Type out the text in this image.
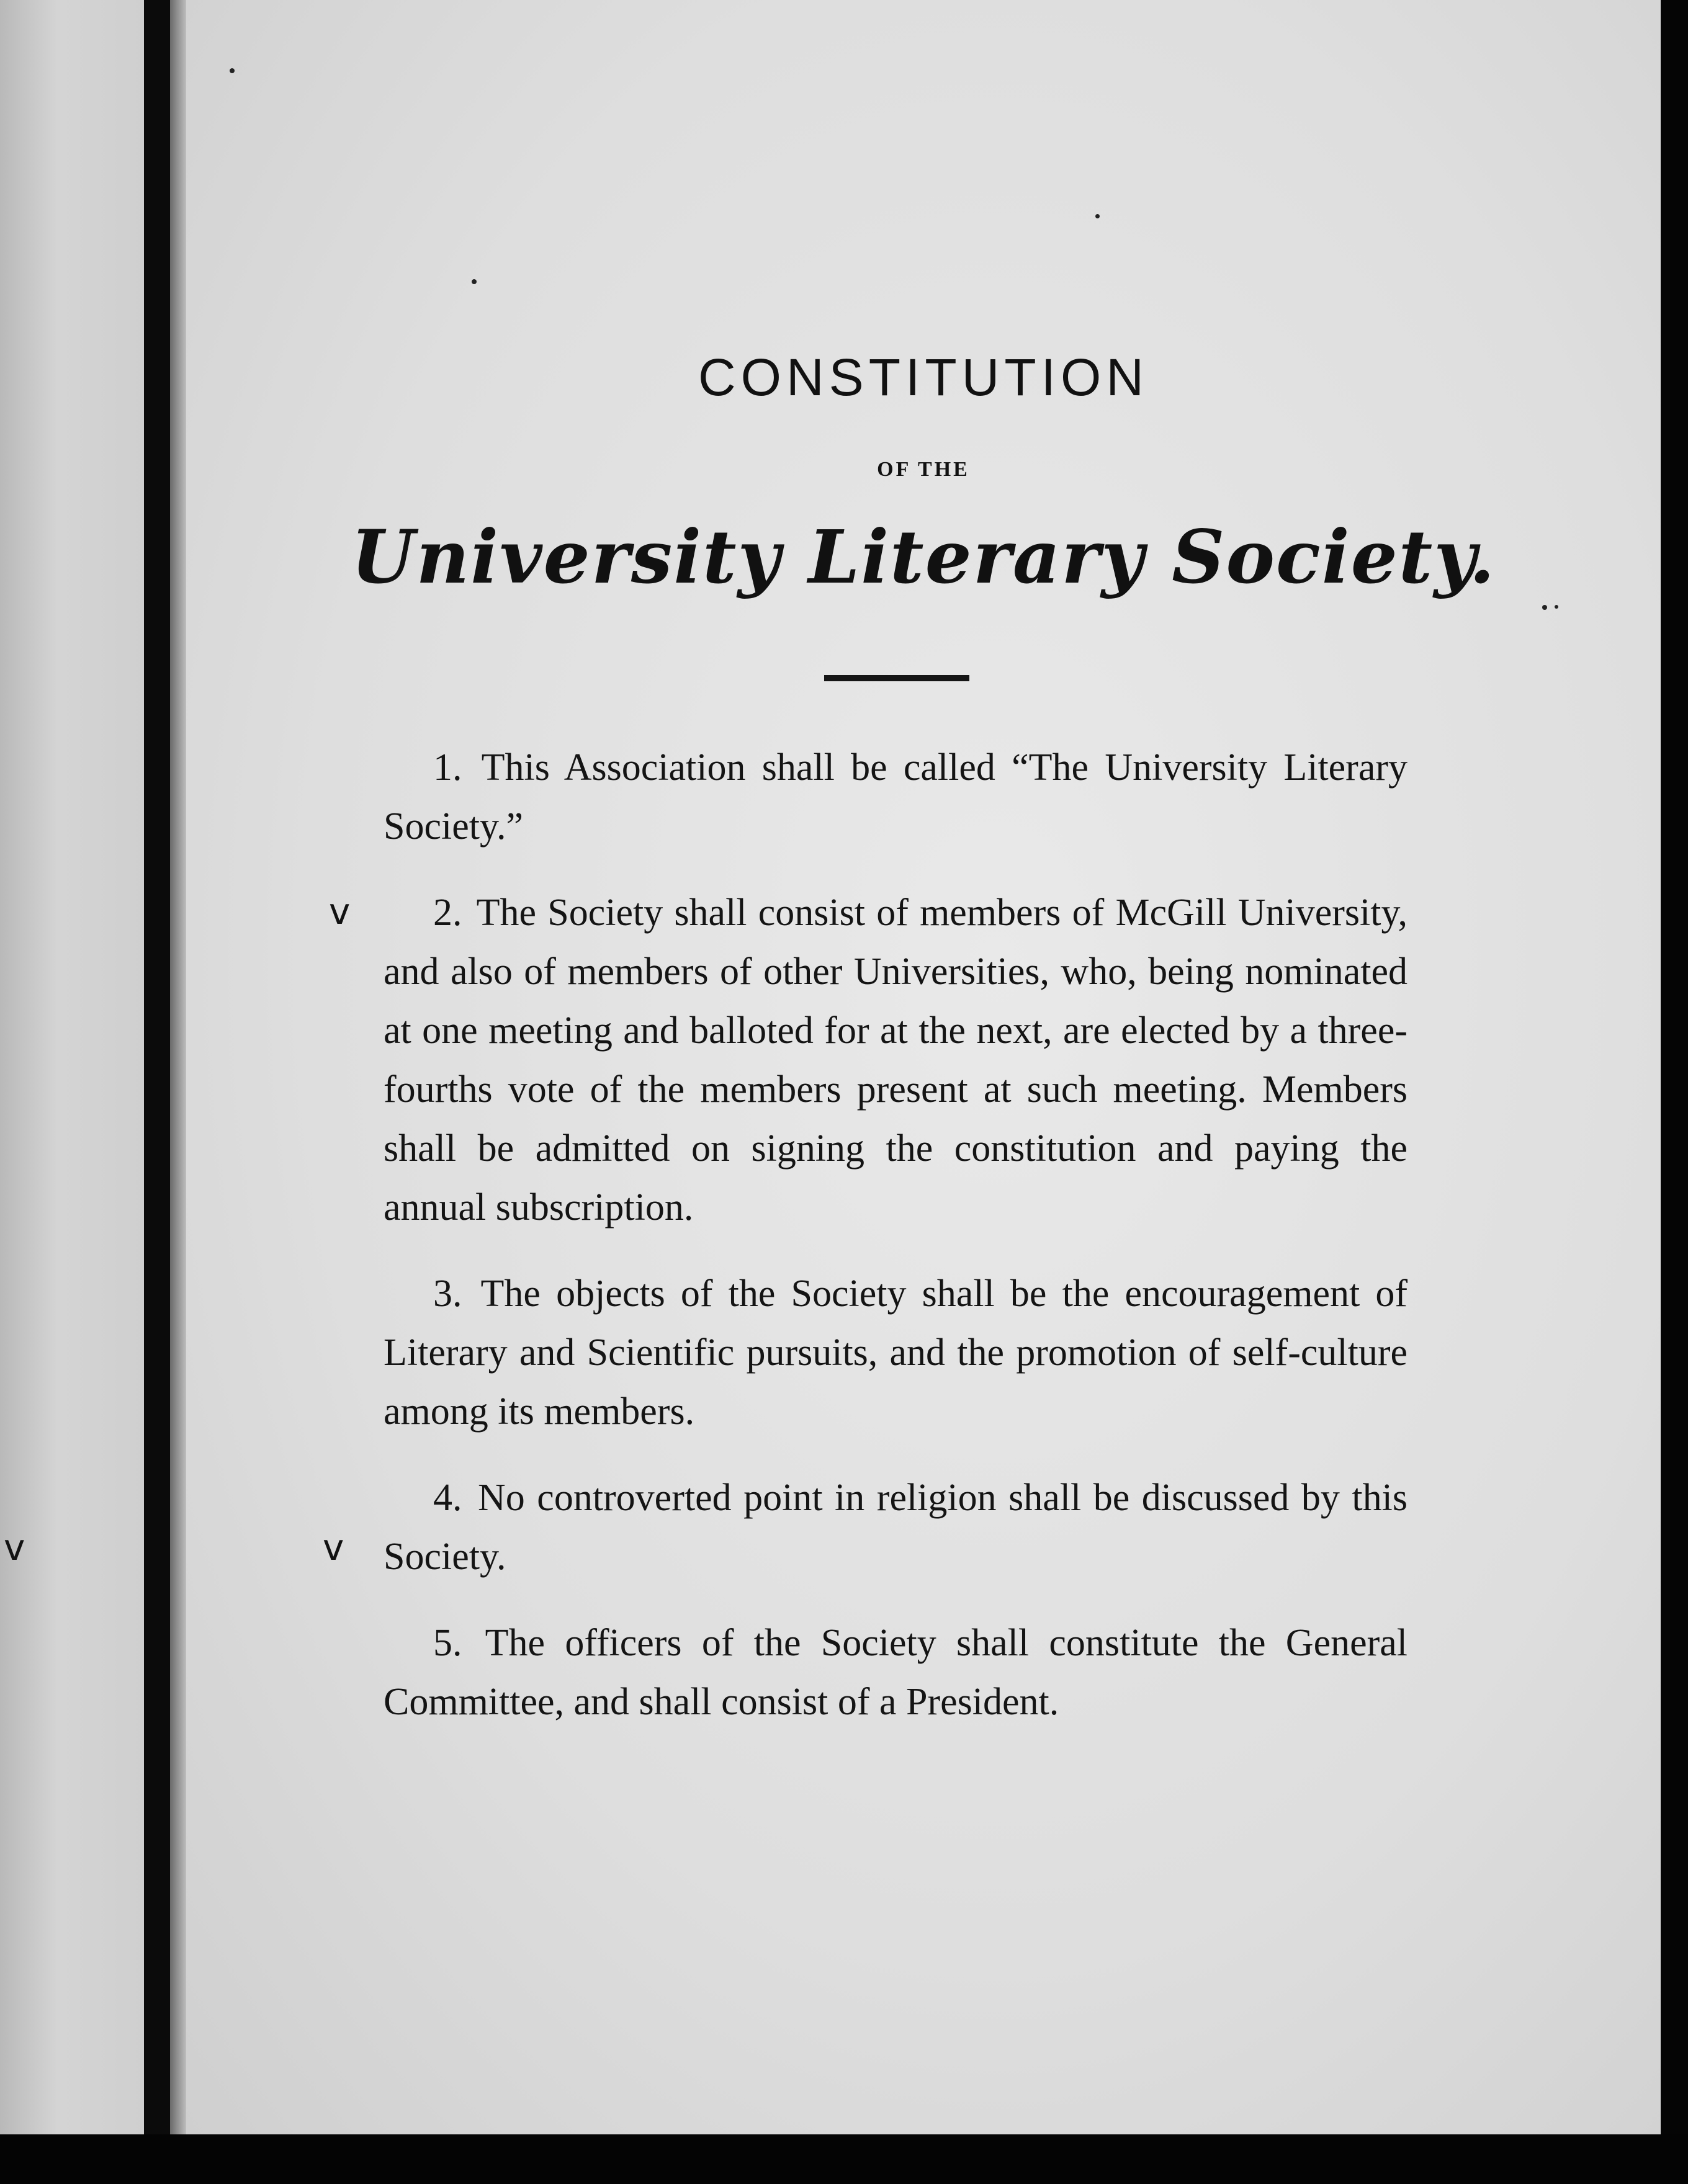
CONSTITUTION
OF THE
University Literary Society.

1. This Association shall be called “The University Literary Society.”

2. The Society shall consist of members of McGill University, and also of members of other Universities, who, being nominated at one meeting and balloted for at the next, are elected by a three-fourths vote of the members present at such meeting. Members shall be admitted on signing the constitution and paying the annual subscription.

3. The objects of the Society shall be the encouragement of Literary and Scientific pursuits, and the promotion of self-culture among its members.

4. No controverted point in religion shall be discussed by this Society.

5. The officers of the Society shall constitute the General Committee, and shall consist of a President.

v
v
v
